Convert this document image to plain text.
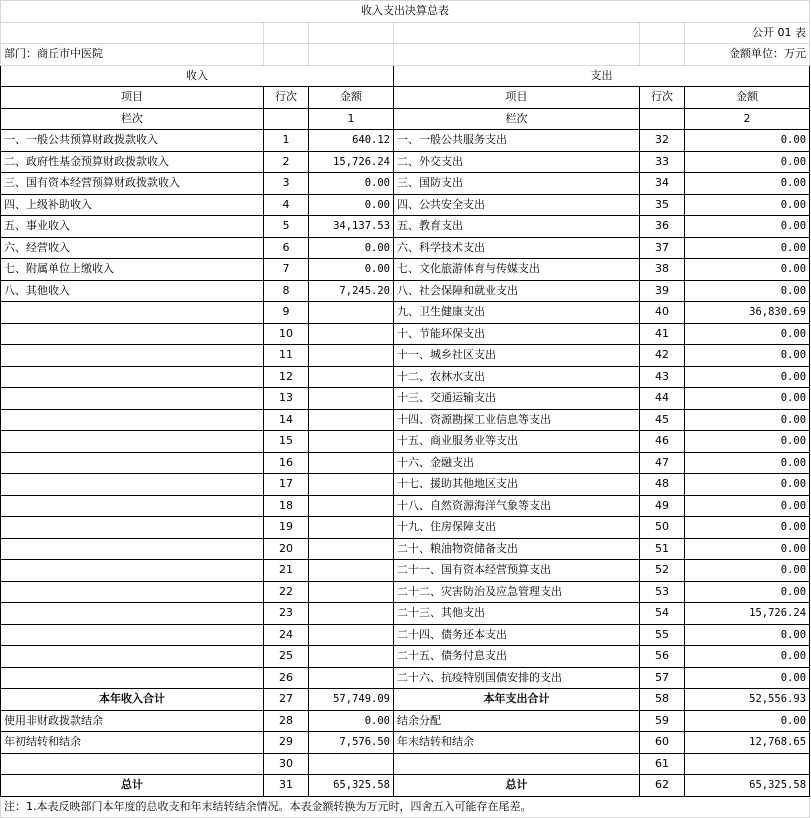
收入支出决算总表					
					公开 01 表
部门：商丘市中医院					金额单位：万元
收入			支出		
项目	行次	金额	项目	行次	金额
栏次		1	栏次		2
一、一般公共预算财政拨款收入	1	640.12	一、一般公共服务支出	32	0.00
二、政府性基金预算财政拨款收入	2	15,726.24	二、外交支出	33	0.00
三、国有资本经营预算财政拨款收入	3	0.00	三、国防支出	34	0.00
四、上级补助收入	4	0.00	四、公共安全支出	35	0.00
五、事业收入	5	34,137.53	五、教育支出	36	0.00
六、经营收入	6	0.00	六、科学技术支出	37	0.00
七、附属单位上缴收入	7	0.00	七、文化旅游体育与传媒支出	38	0.00
八、其他收入	8	7,245.20	八、社会保障和就业支出	39	0.00
	9		九、卫生健康支出	40	36,830.69
	10		十、节能环保支出	41	0.00
	11		十一、城乡社区支出	42	0.00
	12		十二、农林水支出	43	0.00
	13		十三、交通运输支出	44	0.00
	14		十四、资源勘探工业信息等支出	45	0.00
	15		十五、商业服务业等支出	46	0.00
	16		十六、金融支出	47	0.00
	17		十七、援助其他地区支出	48	0.00
	18		十八、自然资源海洋气象等支出	49	0.00
	19		十九、住房保障支出	50	0.00
	20		二十、粮油物资储备支出	51	0.00
	21		二十一、国有资本经营预算支出	52	0.00
	22		二十二、灾害防治及应急管理支出	53	0.00
	23		二十三、其他支出	54	15,726.24
	24		二十四、债务还本支出	55	0.00
	25		二十五、债务付息支出	56	0.00
	26		二十六、抗疫特别国债安排的支出	57	0.00
本年收入合计	27	57,749.09	本年支出合计	58	52,556.93
使用非财政拨款结余	28	0.00	结余分配	59	0.00
年初结转和结余	29	7,576.50	年末结转和结余	60	12,768.65
	30			61	
总计	31	65,325.58	总计	62	65,325.58
注：1.本表反映部门本年度的总收支和年末结转结余情况。本表金额转换为万元时，四舍五入可能存在尾差。					
